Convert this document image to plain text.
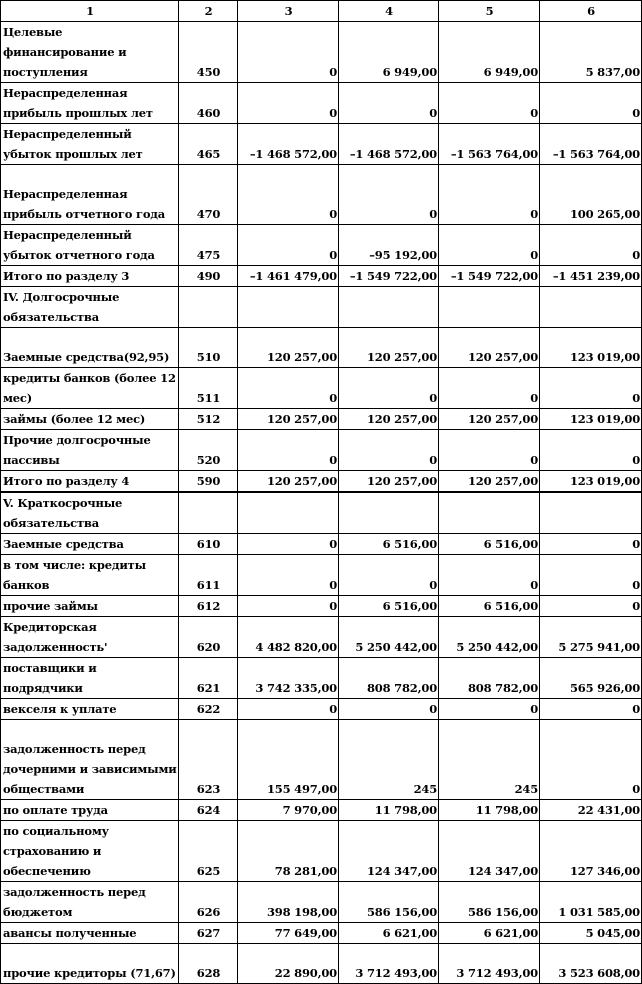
1	2	3	4	5	6
Целевые финансирование и поступления	450	0	6 949,00	6 949,00	5 837,00
Нераспределенная прибыль прошлых лет	460	0	0	0	0
Нераспределенный убыток прошлых лет	465	–1 468 572,00	–1 468 572,00	–1 563 764,00	–1 563 764,00
Нераспределенная прибыль отчетного года	470	0	0	0	100 265,00
Нераспределенный убыток отчетного года	475	0	–95 192,00	0	0
Итого по разделу 3	490	–1 461 479,00	–1 549 722,00	–1 549 722,00	–1 451 239,00
IV. Долгосрочные обязательства					
Заемные средства(92,95)	510	120 257,00	120 257,00	120 257,00	123 019,00
кредиты банков (более 12 мес)	511	0	0	0	0
займы (более 12 мес)	512	120 257,00	120 257,00	120 257,00	123 019,00
Прочие долгосрочные пассивы	520	0	0	0	0
Итого по разделу 4	590	120 257,00	120 257,00	120 257,00	123 019,00
V. Краткосрочные обязательства					
Заемные средства	610	0	6 516,00	6 516,00	0
в том числе: кредиты банков	611	0	0	0	0
прочие займы	612	0	6 516,00	6 516,00	0
Кредиторская задолженность'	620	4 482 820,00	5 250 442,00	5 250 442,00	5 275 941,00
поставщики и подрядчики	621	3 742 335,00	808 782,00	808 782,00	565 926,00
векселя к уплате	622	0	0	0	0
задолженность перед дочерними и зависимыми обществами	623	155 497,00	245	245	0
по оплате труда	624	7 970,00	11 798,00	11 798,00	22 431,00
по социальному страхованию и обеспечению	625	78 281,00	124 347,00	124 347,00	127 346,00
задолженность перед бюджетом	626	398 198,00	586 156,00	586 156,00	1 031 585,00
авансы полученные	627	77 649,00	6 621,00	6 621,00	5 045,00
прочие кредиторы (71,67)	628	22 890,00	3 712 493,00	3 712 493,00	3 523 608,00
